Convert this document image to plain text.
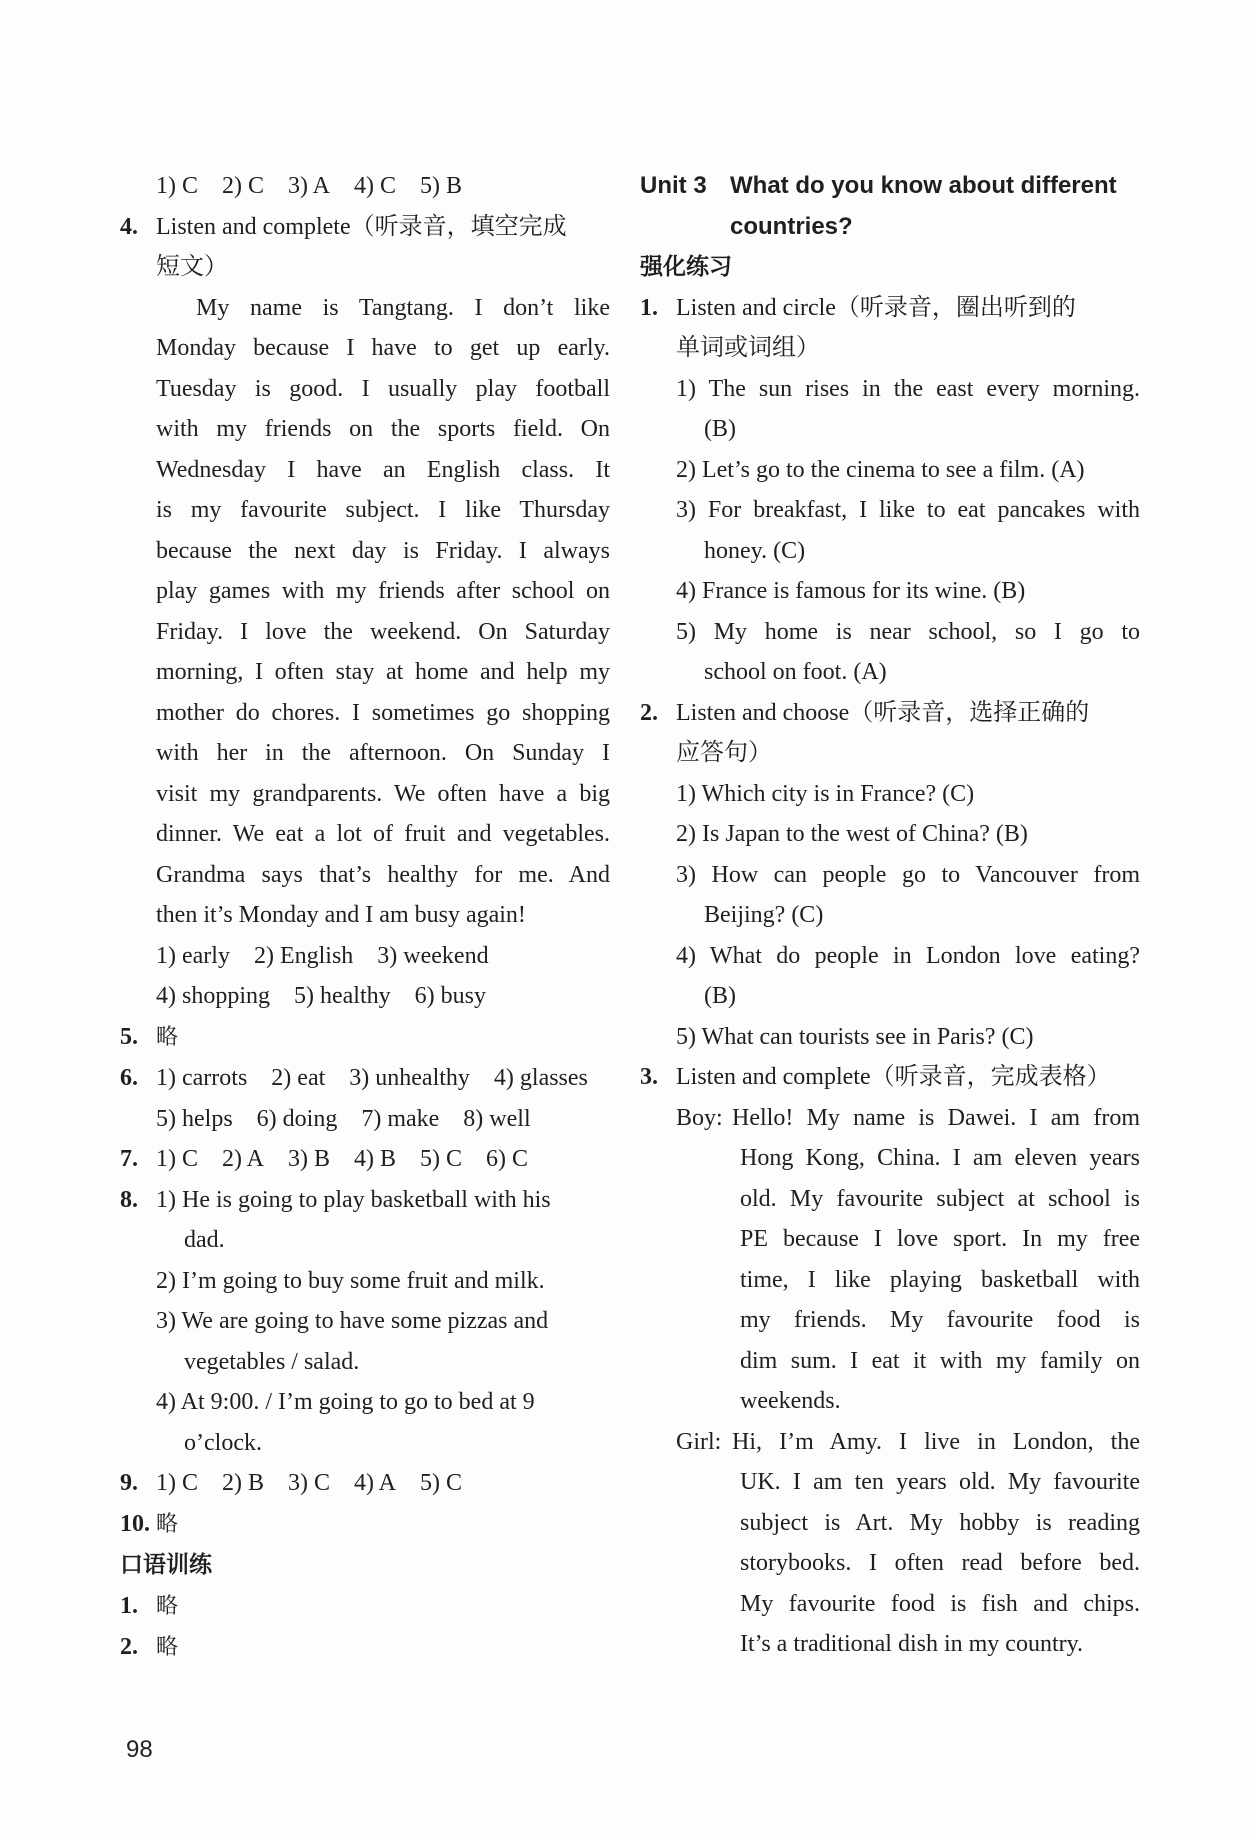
1) C 2) C 3) A 4) C 5) B
4. Listen and complete（听录音，填空完成
短文）
My name is Tangtang. I don’t like
Monday because I have to get up early.
Tuesday is good. I usually play football
with my friends on the sports field. On
Wednesday I have an English class. It
is my favourite subject. I like Thursday
because the next day is Friday. I always
play games with my friends after school on
Friday. I love the weekend. On Saturday
morning, I often stay at home and help my
mother do chores. I sometimes go shopping
with her in the afternoon. On Sunday I
visit my grandparents. We often have a big
dinner. We eat a lot of fruit and vegetables.
Grandma says that’s healthy for me. And
then it’s Monday and I am busy again!
1) early 2) English 3) weekend
4) shopping 5) healthy 6) busy
5. 略
6. 1) carrots 2) eat 3) unhealthy 4) glasses
5) helps 6) doing 7) make 8) well
7. 1) C 2) A 3) B 4) B 5) C 6) C
8. 1) He is going to play basketball with his
dad.
2) I’m going to buy some fruit and milk.
3) We are going to have some pizzas and
vegetables / salad.
4) At 9:00. / I’m going to go to bed at 9
o’clock.
9. 1) C 2) B 3) C 4) A 5) C
10. 略
口语训练
1. 略
2. 略
Unit 3 What do you know about different
countries?
强化练习
1. Listen and circle（听录音，圈出听到的
单词或词组）
1) The sun rises in the east every morning.
(B)
2) Let’s go to the cinema to see a film. (A)
3) For breakfast, I like to eat pancakes with
honey. (C)
4) France is famous for its wine. (B)
5) My home is near school, so I go to
school on foot. (A)
2. Listen and choose（听录音，选择正确的
应答句）
1) Which city is in France? (C)
2) Is Japan to the west of China? (B)
3) How can people go to Vancouver from
Beijing? (C)
4) What do people in London love eating?
(B)
5) What can tourists see in Paris? (C)
3. Listen and complete（听录音，完成表格）
Boy: Hello! My name is Dawei. I am from
Hong Kong, China. I am eleven years
old. My favourite subject at school is
PE because I love sport. In my free
time, I like playing basketball with
my friends. My favourite food is
dim sum. I eat it with my family on
weekends.
Girl: Hi, I’m Amy. I live in London, the
UK. I am ten years old. My favourite
subject is Art. My hobby is reading
storybooks. I often read before bed.
My favourite food is fish and chips.
It’s a traditional dish in my country.
98
